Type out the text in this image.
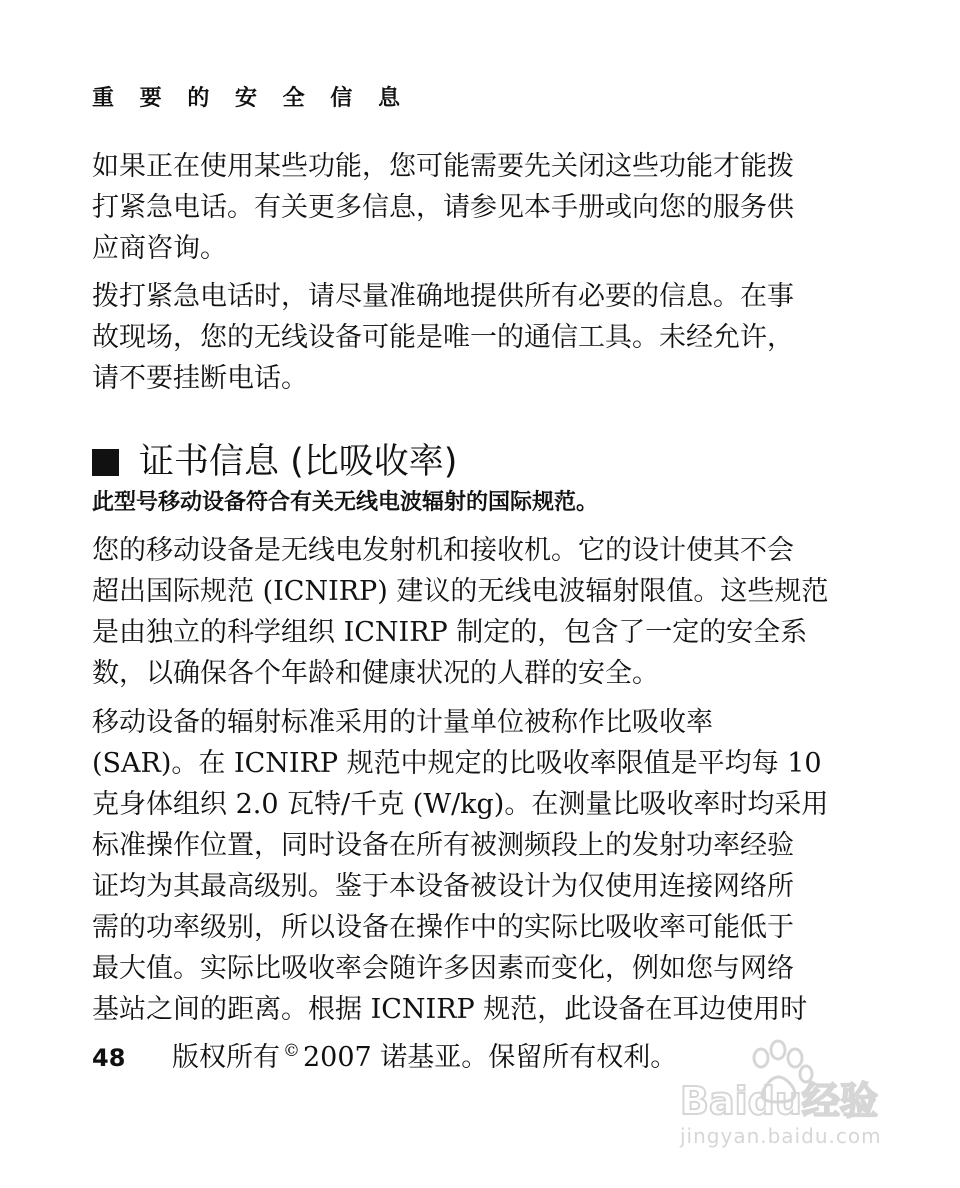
重 要 的 安 全 信 息
如果正在使用某些功能，您可能需要先关闭这些功能才能拨
打紧急电话。有关更多信息，请参见本手册或向您的服务供
应商咨询。
拨打紧急电话时，请尽量准确地提供所有必要的信息。在事
故现场，您的无线设备可能是唯一的通信工具。未经允许，
请不要挂断电话。
证书信息 (比吸收率)
此型号移动设备符合有关无线电波辐射的国际规范。
您的移动设备是无线电发射机和接收机。它的设计使其不会
超出国际规范 (ICNIRP) 建议的无线电波辐射限值。这些规范
是由独立的科学组织 ICNIRP 制定的，包含了一定的安全系
数，以确保各个年龄和健康状况的人群的安全。
移动设备的辐射标准采用的计量单位被称作比吸收率
(SAR)。在 ICNIRP 规范中规定的比吸收率限值是平均每 10
克身体组织 2.0 瓦特/千克 (W/kg)。在测量比吸收率时均采用
标准操作位置，同时设备在所有被测频段上的发射功率经验
证均为其最高级别。鉴于本设备被设计为仅使用连接网络所
需的功率级别，所以设备在操作中的实际比吸收率可能低于
最大值。实际比吸收率会随许多因素而变化，例如您与网络
基站之间的距离。根据 ICNIRP 规范，此设备在耳边使用时
48 版权所有 © 2007 诺基亚。保留所有权利。
Baidu经验
jingyan.baidu.com
